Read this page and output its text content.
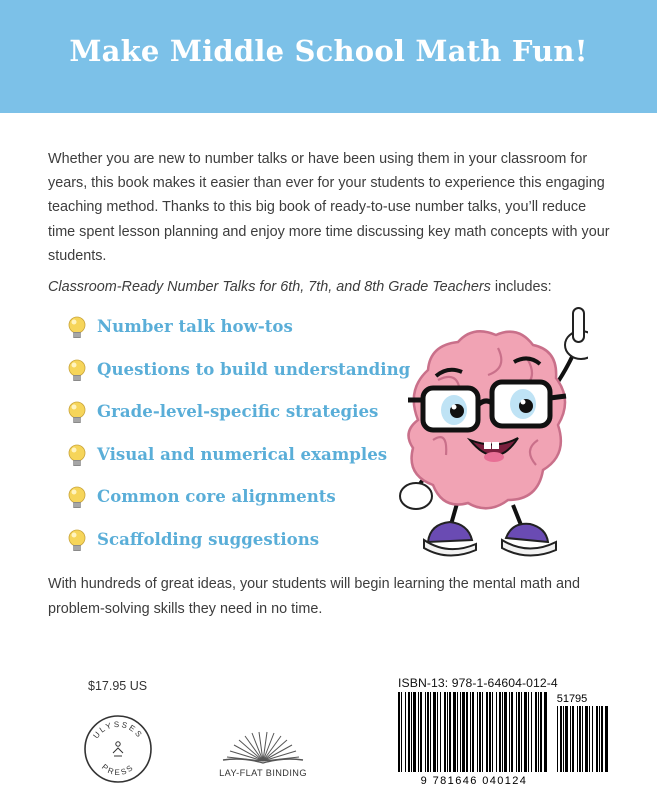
Make Middle School Math Fun!

Whether you are new to number talks or have been using them in your classroom for years, this book makes it easier than ever for your students to experience this engaging teaching method. Thanks to this big book of ready-to-use number talks, you’ll reduce time spent lesson planning and enjoy more time discussing key math concepts with your students.

Classroom-Ready Number Talks for 6th, 7th, and 8th Grade Teachers includes:

Number talk how-tos
Questions to build understanding
Grade-level-specific strategies
Visual and numerical examples
Common core alignments
Scaffolding suggestions

With hundreds of great ideas, your students will begin learning the mental math and problem-solving skills they need in no time.

$17.95 US
ULYSSES
PRESS	LAY-FLAT BINDING
ISBN-13: 978-1-64604-012-4
51795
9 781646 040124
